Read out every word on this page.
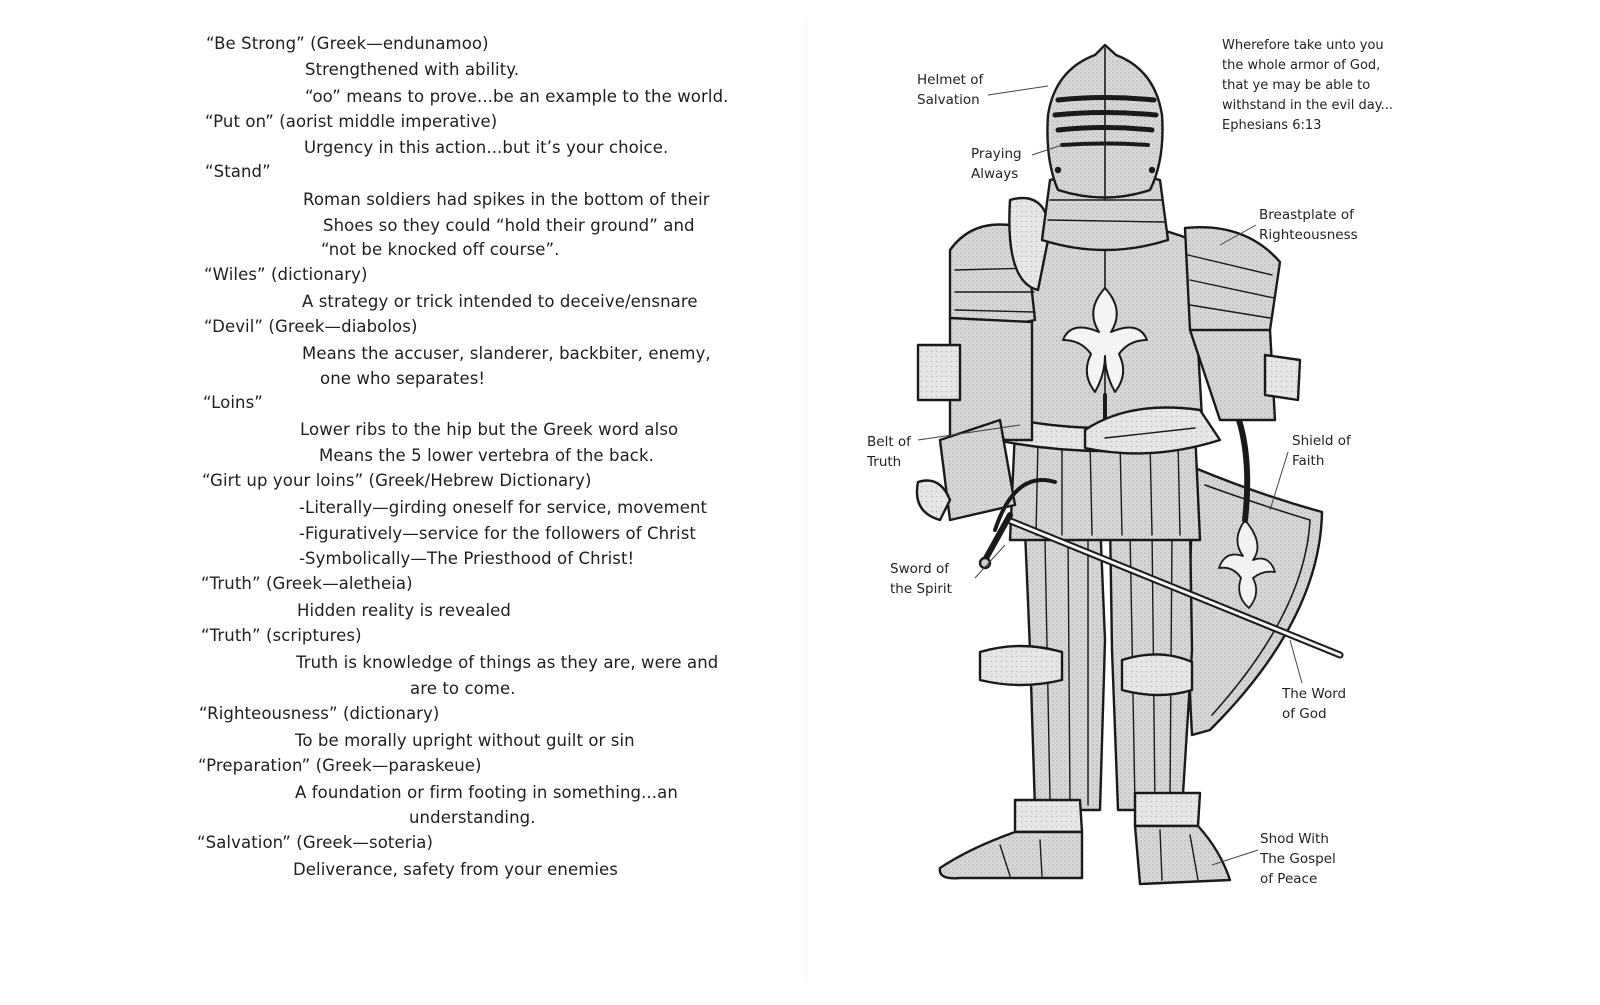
“Be Strong” (Greek—endunamoo)
Strengthened with ability.
“oo” means to prove...be an example to the world.
“Put on” (aorist middle imperative)
Urgency in this action...but it’s your choice.
“Stand”
Roman soldiers had spikes in the bottom of their
Shoes so they could “hold their ground” and
“not be knocked off course”.
“Wiles” (dictionary)
A strategy or trick intended to deceive/ensnare
“Devil” (Greek—diabolos)
Means the accuser, slanderer, backbiter, enemy,
one who separates!
“Loins”
Lower ribs to the hip but the Greek word also
Means the 5 lower vertebra of the back.
“Girt up your loins” (Greek/Hebrew Dictionary)
-Literally—girding oneself for service, movement
-Figuratively—service for the followers of Christ
-Symbolically—The Priesthood of Christ!
“Truth” (Greek—aletheia)
Hidden reality is revealed
“Truth” (scriptures)
Truth is knowledge of things as they are, were and
are to come.
“Righteousness” (dictionary)
To be morally upright without guilt or sin
“Preparation” (Greek—paraskeue)
A foundation or firm footing in something...an
understanding.
“Salvation” (Greek—soteria)
Deliverance, safety from your enemies
Wherefore take unto you
the whole armor of God,
that ye may be able to
withstand in the evil day...
Ephesians 6:13
Helmet of
Salvation
Praying
Always
Breastplate of
Righteousness
Belt of
Truth
Shield of
Faith
Sword of
the Spirit
The Word
of God
Shod With
The Gospel
of Peace
